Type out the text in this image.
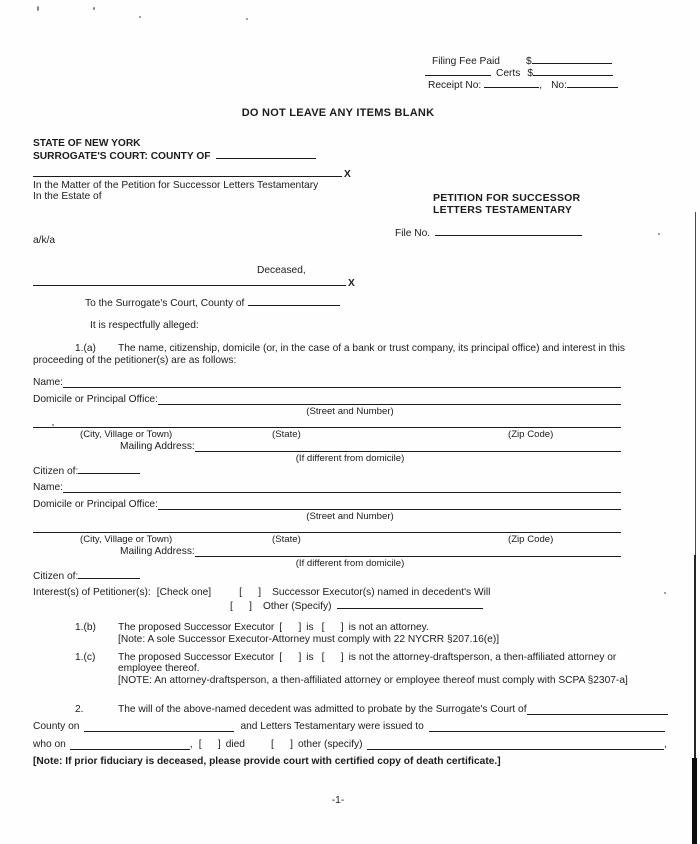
Filing Fee Paid	$
Certs $
Receipt No:	, No:
DO NOT LEAVE ANY ITEMS BLANK
STATE OF NEW YORK
SURROGATE'S COURT: COUNTY OF
X
In the Matter of the Petition for Successor Letters Testamentary
In the Estate of	PETITION FOR SUCCESSOR
LETTERS TESTAMENTARY
File No.
a/k/a
Deceased,
X
To the Surrogate's Court, County of
It is respectfully alleged:
1.(a) The name, citizenship, domicile (or, in the case of a bank or trust company, its principal office) and interest in this
proceeding of the petitioner(s) are as follows:
Name:
Domicile or Principal Office:
(Street and Number)
(City, Village or Town)	(State)	(Zip Code)
Mailing Address:
(If different from domicile)
Citizen of:
Name:
Domicile or Principal Office:
(Street and Number)
(City, Village or Town)	(State)	(Zip Code)
Mailing Address:
(If different from domicile)
Citizen of:
Interest(s) of Petitioner(s): [Check one]	[    ] Successor Executor(s) named in decedent's Will
[    ] Other (Specify)
1.(b) The proposed Successor Executor [    ] is [    ] is not an attorney.
[Note: A sole Successor Executor-Attorney must comply with 22 NYCRR §207.16(e)]
1.(c) The proposed Successor Executor [    ] is [    ] is not the attorney-draftsperson, a then-affiliated attorney or
employee thereof.
[NOTE: An attorney-draftsperson, a then-affiliated attorney or employee thereof must comply with SCPA §2307-a]
2.	The will of the above-named decedent was admitted to probate by the Surrogate's Court of
County on	and Letters Testamentary were issued to
who on	, [    ] died	[    ] other (specify)	,
[Note: If prior fiduciary is deceased, please provide court with certified copy of death certificate.]
-1-
